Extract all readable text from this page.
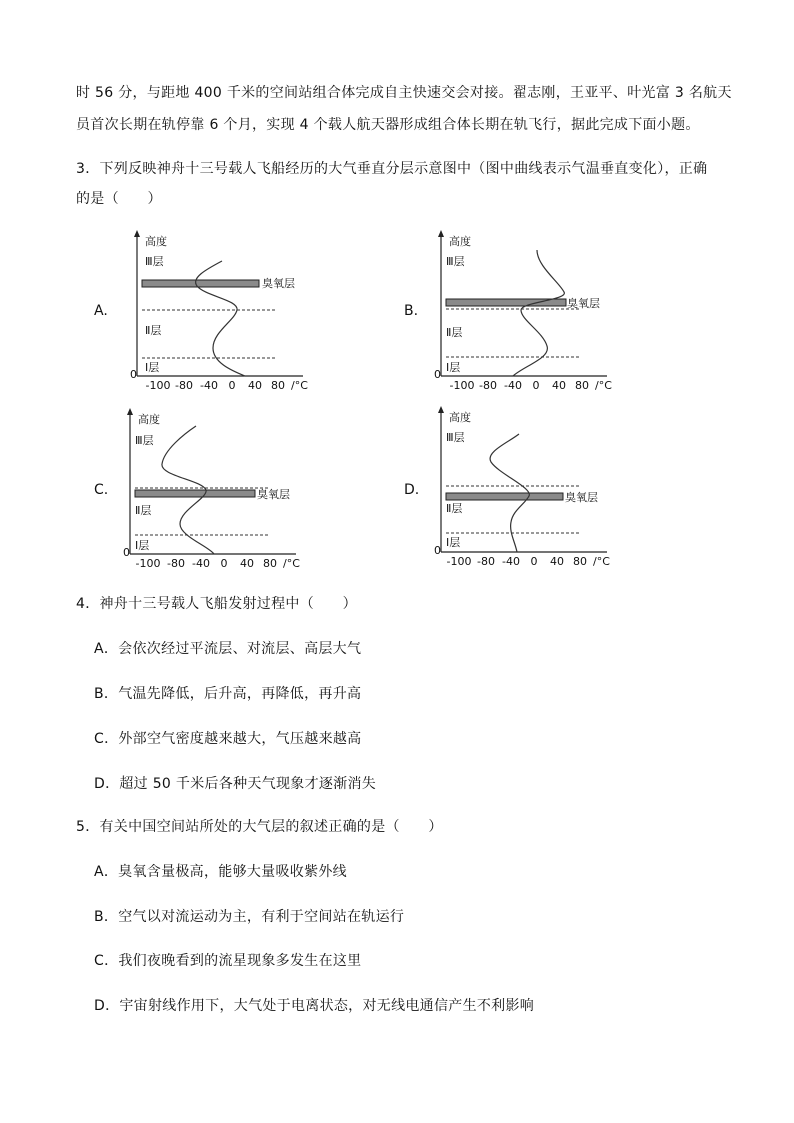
时 56 分，与距地 400 千米的空间站组合体完成自主快速交会对接。翟志刚，王亚平、叶光富 3 名航天
员首次长期在轨停靠 6 个月，实现 4 个载人航天器形成组合体长期在轨飞行，据此完成下面小题。
3．下列反映神舟十三号载人飞船经历的大气垂直分层示意图中（图中曲线表示气温垂直变化），正确
的是（　　）
A.	B.
C.	D.
高度
Ⅲ层
臭氧层
Ⅱ层
Ⅰ层
0
-100 -80 -40 0 40 80 /°C
高度
Ⅲ层
臭氧层
Ⅱ层
Ⅰ层
0
-100 -80 -40 0 40 80 /°C
高度
Ⅲ层
臭氧层
Ⅱ层
Ⅰ层
0
-100 -80 -40 0 40 80 /°C
高度
Ⅲ层
臭氧层
Ⅱ层
Ⅰ层
0
-100 -80 -40 0 40 80 /°C
4．神舟十三号载人飞船发射过程中（　　）
A．会依次经过平流层、对流层、高层大气
B．气温先降低，后升高，再降低，再升高
C．外部空气密度越来越大，气压越来越高
D．超过 50 千米后各种天气现象才逐渐消失
5．有关中国空间站所处的大气层的叙述正确的是（　　）
A．臭氧含量极高，能够大量吸收紫外线
B．空气以对流运动为主，有利于空间站在轨运行
C．我们夜晚看到的流星现象多发生在这里
D．宇宙射线作用下，大气处于电离状态，对无线电通信产生不利影响
